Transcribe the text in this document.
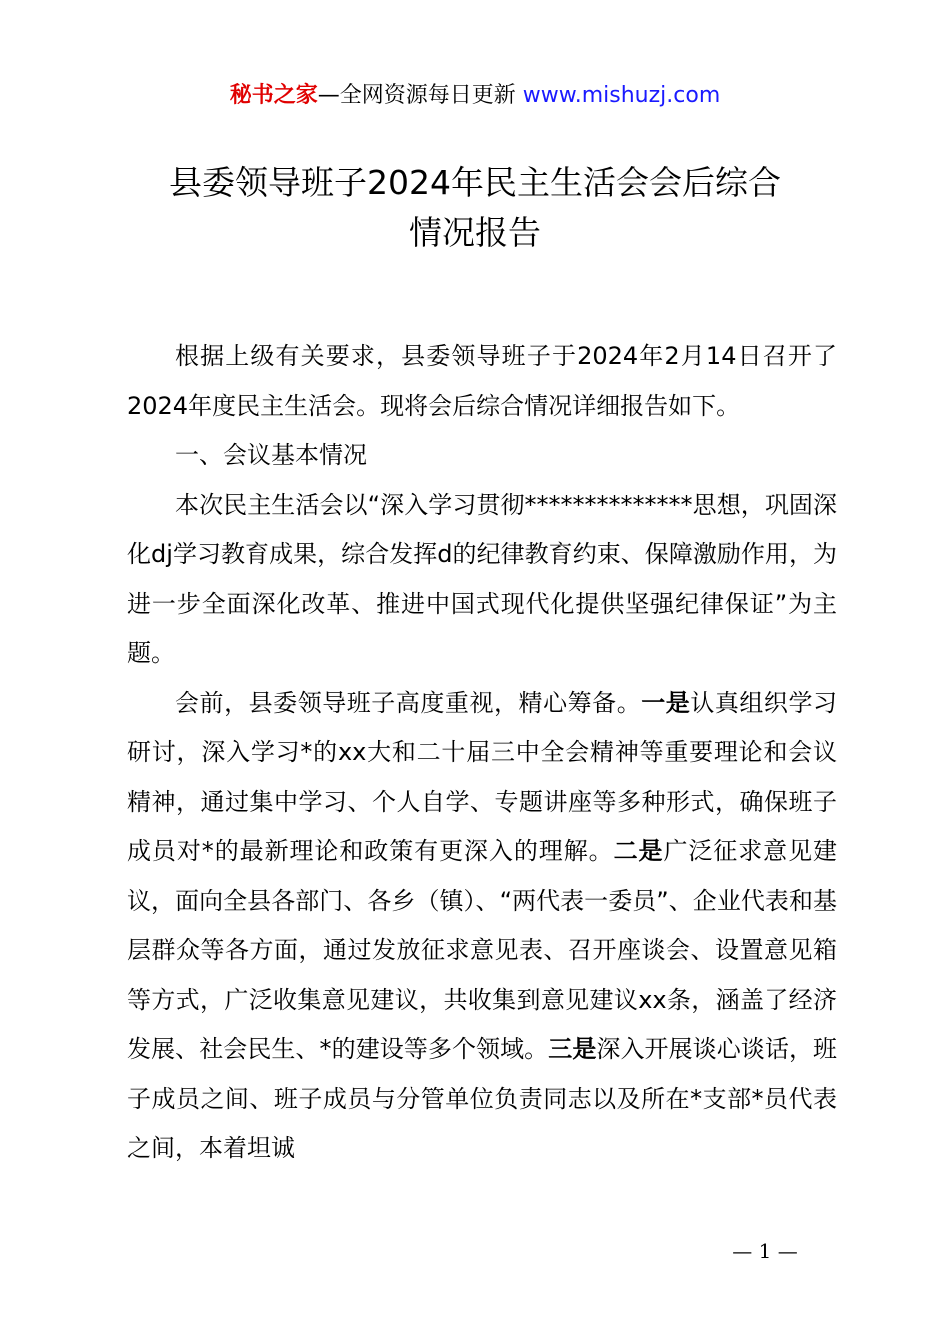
秘书之家—全网资源每日更新 www.mishuzj.com
县委领导班子2024年民主生活会会后综合
情况报告

根据上级有关要求，县委领导班子于2024年2月14日召开了2024年度民主生活会。现将会后综合情况详细报告如下。

一、会议基本情况

本次民主生活会以“深入学习贯彻**************思想，巩固深化dj学习教育成果，综合发挥d的纪律教育约束、保障激励作用，为进一步全面深化改革、推进中国式现代化提供坚强纪律保证”为主题。

会前，县委领导班子高度重视，精心筹备。一是认真组织学习研讨，深入学习*的xx大和二十届三中全会精神等重要理论和会议精神，通过集中学习、个人自学、专题讲座等多种形式，确保班子成员对*的最新理论和政策有更深入的理解。二是广泛征求意见建议，面向全县各部门、各乡（镇）、“两代表一委员”、企业代表和基层群众等各方面，通过发放征求意见表、召开座谈会、设置意见箱等方式，广泛收集意见建议，共收集到意见建议xx条，涵盖了经济发展、社会民生、*的建设等多个领域。三是深入开展谈心谈话，班子成员之间、班子成员与分管单位负责同志以及所在*支部*员代表之间，本着坦诚

— 1 —
